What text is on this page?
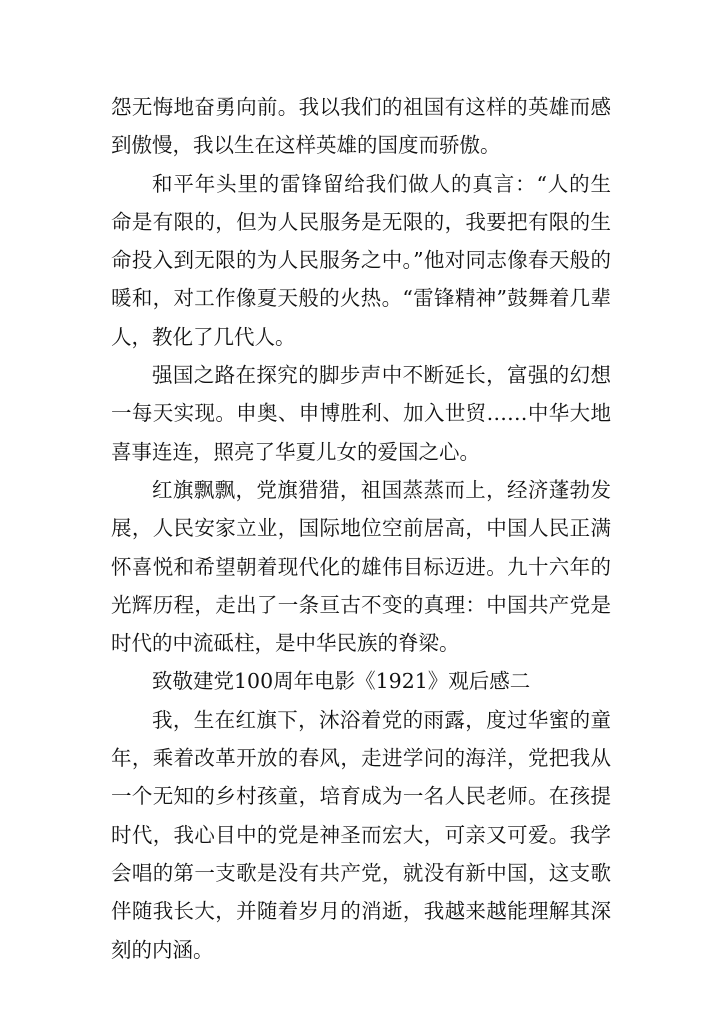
怨无悔地奋勇向前。我以我们的祖国有这样的英雄而感到傲慢，我以生在这样英雄的国度而骄傲。

和平年头里的雷锋留给我们做人的真言：“人的生命是有限的，但为人民服务是无限的，我要把有限的生命投入到无限的为人民服务之中。”他对同志像春天般的暖和，对工作像夏天般的火热。“雷锋精神”鼓舞着几辈人，教化了几代人。

强国之路在探究的脚步声中不断延长，富强的幻想一每天实现。申奥、申博胜利、加入世贸……中华大地喜事连连，照亮了华夏儿女的爱国之心。

红旗飘飘，党旗猎猎，祖国蒸蒸而上，经济蓬勃发展，人民安家立业，国际地位空前居高，中国人民正满怀喜悦和希望朝着现代化的雄伟目标迈进。九十六年的光辉历程，走出了一条亘古不变的真理：中国共产党是时代的中流砥柱，是中华民族的脊梁。

致敬建党100周年电影《1921》观后感二

我，生在红旗下，沐浴着党的雨露，度过华蜜的童年，乘着改革开放的春风，走进学问的海洋，党把我从一个无知的乡村孩童，培育成为一名人民老师。在孩提时代，我心目中的党是神圣而宏大，可亲又可爱。我学会唱的第一支歌是没有共产党，就没有新中国，这支歌伴随我长大，并随着岁月的消逝，我越来越能理解其深刻的内涵。
